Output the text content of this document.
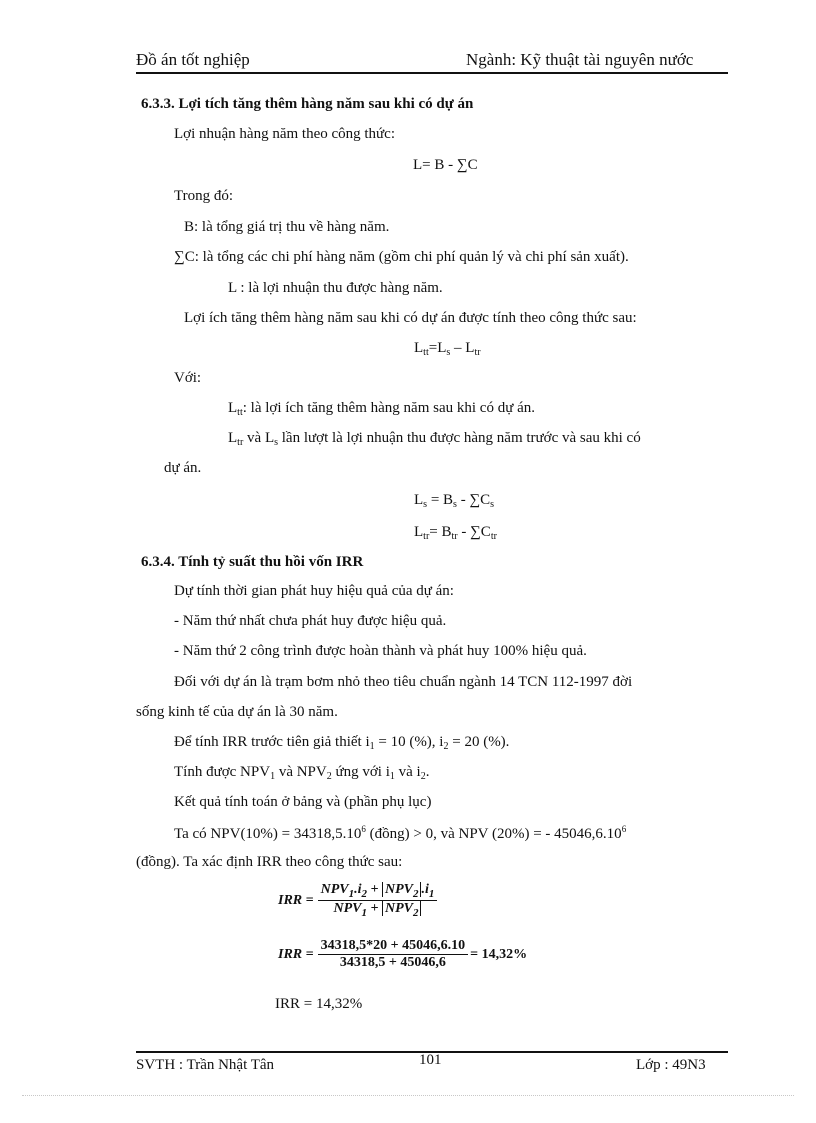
Đồ án tốt nghiệp	Ngành: Kỹ thuật tài nguyên nước
6.3.3. Lợi tích tăng thêm hàng năm sau khi có dự án
Lợi nhuận hàng năm theo công thức:
L= B - ∑C
Trong đó:
B: là tổng giá trị thu về hàng năm.
∑C: là tổng các chi phí hàng năm (gồm chi phí quản lý và chi phí sản xuất).
L : là lợi nhuận thu được hàng năm.
Lợi ích tăng thêm hàng năm sau khi có dự án được tính theo công thức sau:
$L_{tt}=L_s - L_{tr}$
Với:
$L_{tt}$: là lợi ích tăng thêm hàng năm sau khi có dự án.
$L_{tr}$ và $L_s$ lần lượt là lợi nhuận thu được hàng năm trước và sau khi có
dự án.
$L_s = B_s - \sum C_s$
$L_{tr}= B_{tr} - \sum C_{tr}$
6.3.4. Tính tỷ suất thu hồi vốn IRR
Dự tính thời gian phát huy hiệu quả của dự án:
- Năm thứ nhất chưa phát huy được hiệu quả.
- Năm thứ 2 công trình được hoàn thành và phát huy 100% hiệu quả.
Đối với dự án là trạm bơm nhỏ theo tiêu chuẩn ngành 14 TCN 112-1997 đời
sống kinh tế của dự án là 30 năm.
Để tính IRR trước tiên giả thiết $i_1 = 10$ (%), $i_2 = 20$ (%).
Tính được $NPV_1$ và $NPV_2$ ứng với $i_1$ và $i_2$.
Kết quả tính toán ở bảng và (phần phụ lục)
Ta có $NPV(10\%) = 34318,5.10^6$ (đồng) > 0, và NPV (20%) = - 45046,6.10$^6$
(đồng). Ta xác định IRR theo công thức sau:
IRR = $\frac{NPV_1.i_2 + NPV_2 .i_1}{NPV_1 + NPV_2}$
IRR = $\frac{34318,5*20 + 45046,6.10}{34318,5 + 45046,6} = 14,32\%$
IRR = 14,32%
101
SVTH : Trần Nhật Tân	Lớp : 49N3
